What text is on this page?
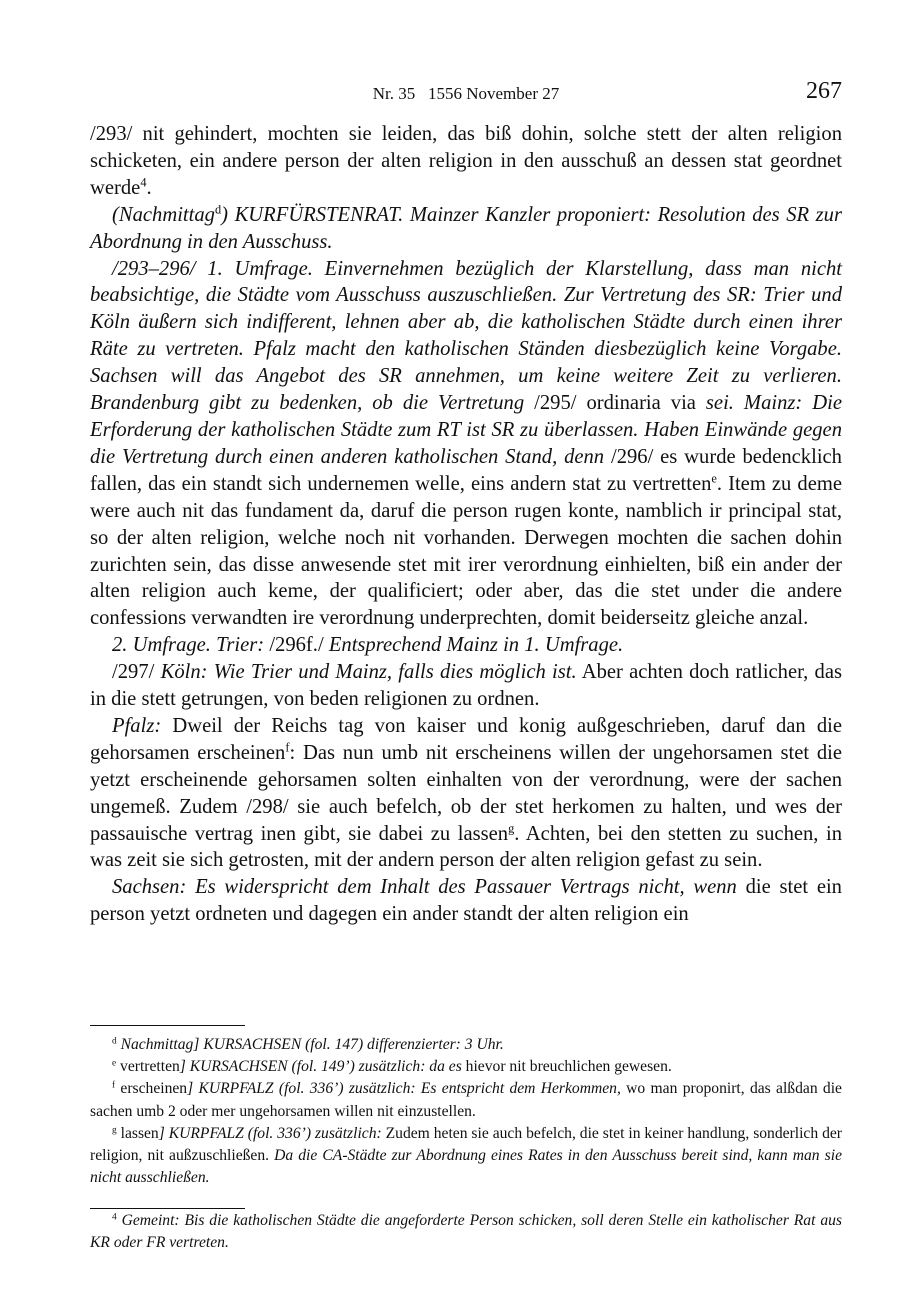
Nr. 35   1556 November 27	267

/293/ nit gehindert, mochten sie leiden, das biß dohin, solche stett der alten religion schicketen, ein andere person der alten religion in den ausschuß an dessen stat geordnet werde$^4$.

(Nachmittag$^d$) KURFÜRSTENRAT. Mainzer Kanzler proponiert: Resolution des SR zur Abordnung in den Ausschuss.

/293–296/ 1. Umfrage. Einvernehmen bezüglich der Klarstellung, dass man nicht beabsichtige, die Städte vom Ausschuss auszuschließen. Zur Vertretung des SR: Trier und Köln äußern sich indifferent, lehnen aber ab, die katholischen Städte durch einen ihrer Räte zu vertreten. Pfalz macht den katholischen Ständen diesbezüglich keine Vorgabe. Sachsen will das Angebot des SR annehmen, um keine weitere Zeit zu verlieren. Brandenburg gibt zu bedenken, ob die Vertretung /295/ ordinaria via sei. Mainz: Die Erforderung der katholischen Städte zum RT ist SR zu überlassen. Haben Einwände gegen die Vertretung durch einen anderen katholischen Stand, denn /296/ es wurde bedencklich fallen, das ein standt sich undernemen welle, eins andern stat zu vertretten$^e$. Item zu deme were auch nit das fundament da, daruf die person rugen konte, namblich ir principal stat, so der alten religion, welche noch nit vorhanden. Derwegen mochten die sachen dohin zurichten sein, das disse anwesende stet mit irer verordnung einhielten, biß ein ander der alten religion auch keme, der qualificiert; oder aber, das die stet under die andere confessions verwandten ire verordnung underprechten, domit beiderseitz gleiche anzal.

2. Umfrage. Trier: /296f./ Entsprechend Mainz in 1. Umfrage.

/297/ Köln: Wie Trier und Mainz, falls dies möglich ist. Aber achten doch ratlicher, das in die stett getrungen, von beden religionen zu ordnen.

Pfalz: Dweil der Reichs tag von kaiser und konig außgeschrieben, daruf dan die gehorsamen erscheinen$^f$: Das nun umb nit erscheinens willen der ungehorsamen stet die yetzt erscheinende gehorsamen solten einhalten von der verordnung, were der sachen ungemeß. Zudem /298/ sie auch befelch, ob der stet herkomen zu halten, und wes der passauische vertrag inen gibt, sie dabei zu lassen$^g$. Achten, bei den stetten zu suchen, in was zeit sie sich getrosten, mit der andern person der alten religion gefast zu sein.

Sachsen: Es widerspricht dem Inhalt des Passauer Vertrags nicht, wenn die stet ein person yetzt ordneten und dagegen ein ander standt der alten religion ein

$^d$ Nachmittag] KURSACHSEN (fol. 147) differenzierter: 3 Uhr.

$^e$ vertretten] KURSACHSEN (fol. 149’) zusätzlich: da es hievor nit breuchlichen gewesen.

$^f$ erscheinen] KURPFALZ (fol. 336’) zusätzlich: Es entspricht dem Herkommen, wo man proponirt, das alßdan die sachen umb 2 oder mer ungehorsamen willen nit einzustellen.

$^g$ lassen] KURPFALZ (fol. 336’) zusätzlich: Zudem heten sie auch befelch, die stet in keiner handlung, sonderlich der religion, nit außzuschließen. Da die CA-Städte zur Abordnung eines Rates in den Ausschuss bereit sind, kann man sie nicht ausschließen.

$^4$ Gemeint: Bis die katholischen Städte die angeforderte Person schicken, soll deren Stelle ein katholischer Rat aus KR oder FR vertreten.
